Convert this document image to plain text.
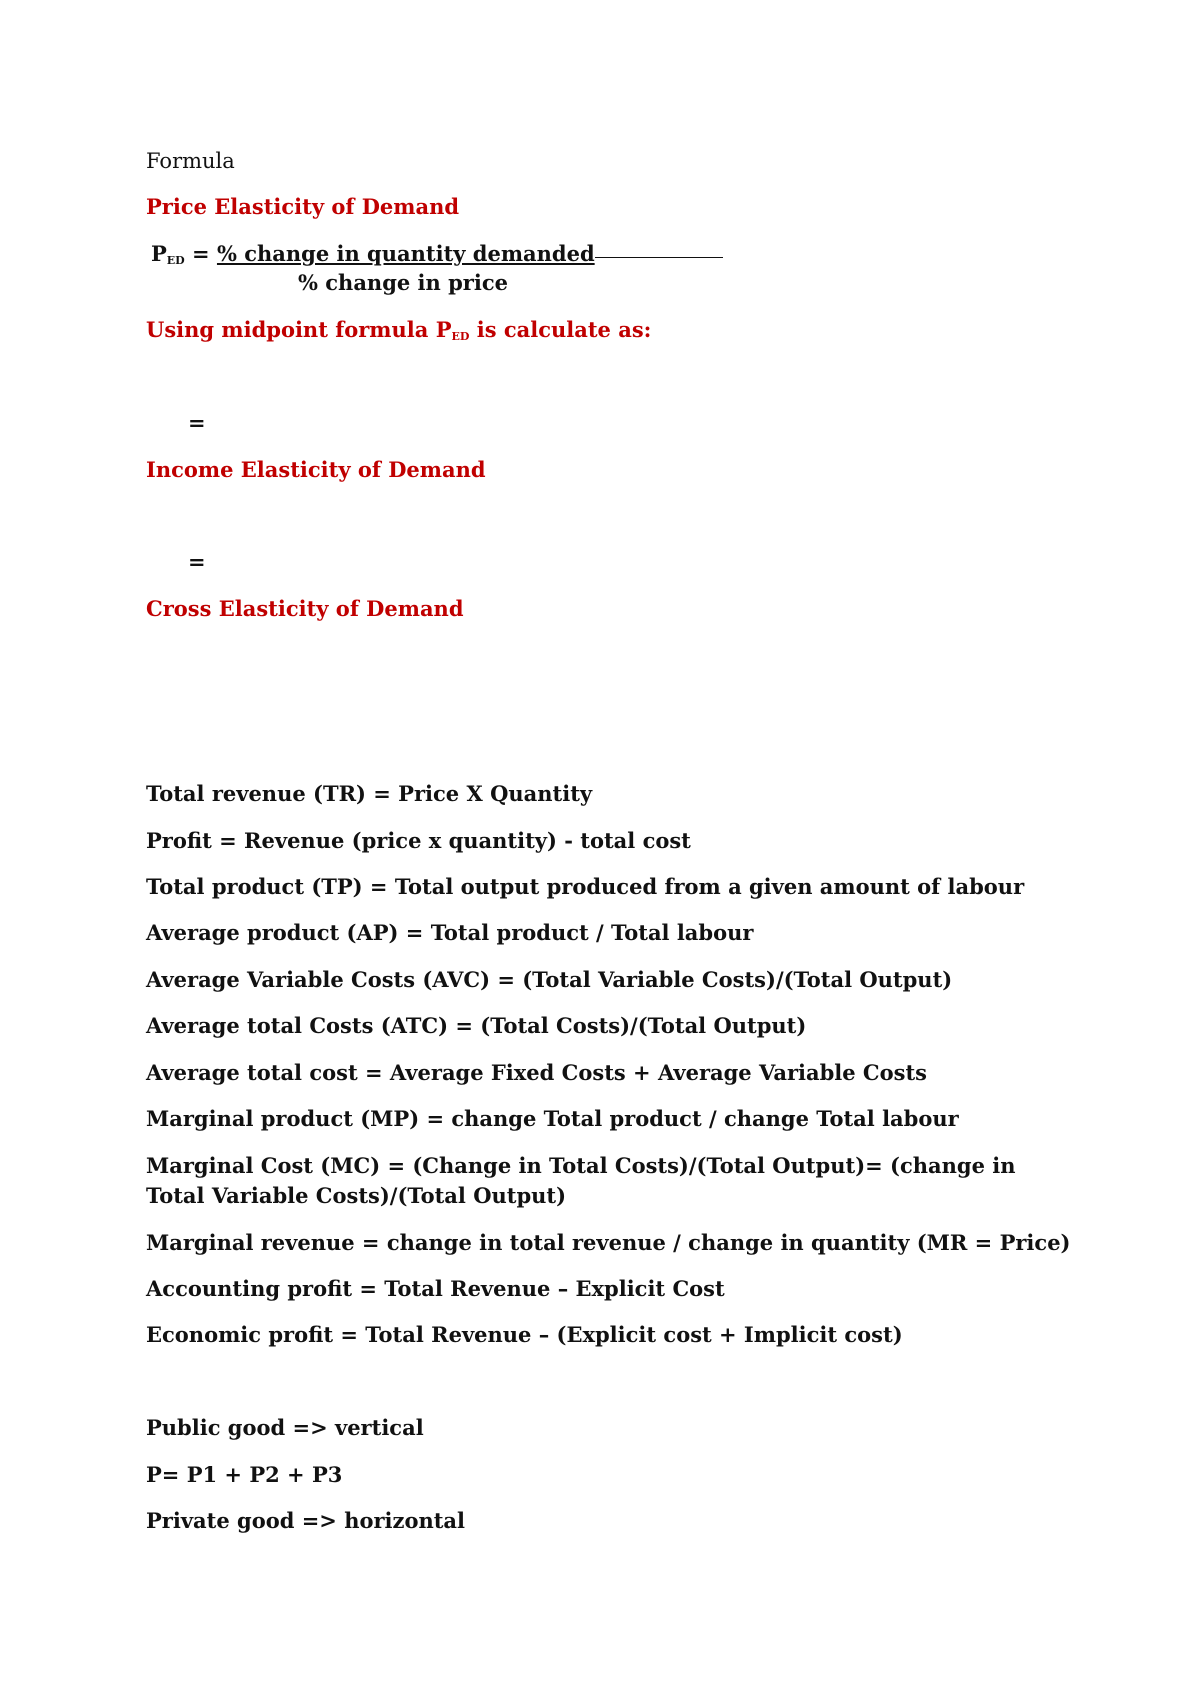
Formula
Price Elasticity of Demand
$P_{ED}$ = % change in quantity demanded
% change in price
Using midpoint formula $P_{ED}$ is calculate as:
=
Income Elasticity of Demand
=
Cross Elasticity of Demand
Total revenue (TR) = Price X Quantity
Profit = Revenue (price x quantity) - total cost
Total product (TP) = Total output produced from a given amount of labour
Average product (AP) = Total product / Total labour
Average Variable Costs (AVC) = (Total Variable Costs)/(Total Output)
Average total Costs (ATC) = (Total Costs)/(Total Output)
Average total cost = Average Fixed Costs + Average Variable Costs
Marginal product (MP) = change Total product / change Total labour
Marginal Cost (MC) = (Change in Total Costs)/(Total Output)= (change in Total Variable Costs)/(Total Output)
Marginal revenue = change in total revenue / change in quantity (MR = Price)
Accounting profit = Total Revenue – Explicit Cost
Economic profit = Total Revenue – (Explicit cost + Implicit cost)
Public good => vertical
P= P1 + P2 + P3
Private good => horizontal
